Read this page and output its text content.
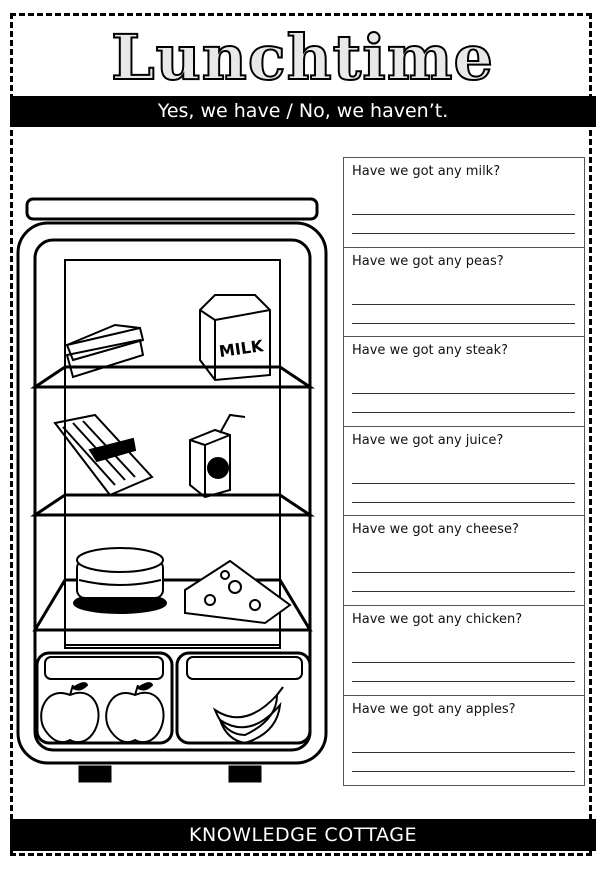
Lunchtime
Yes, we have / No, we haven’t.
MILK
Have we got any milk?
Have we got any peas?
Have we got any steak?
Have we got any juice?
Have we got any cheese?
Have we got any chicken?
Have we got any apples?
KNOWLEDGE COTTAGE
